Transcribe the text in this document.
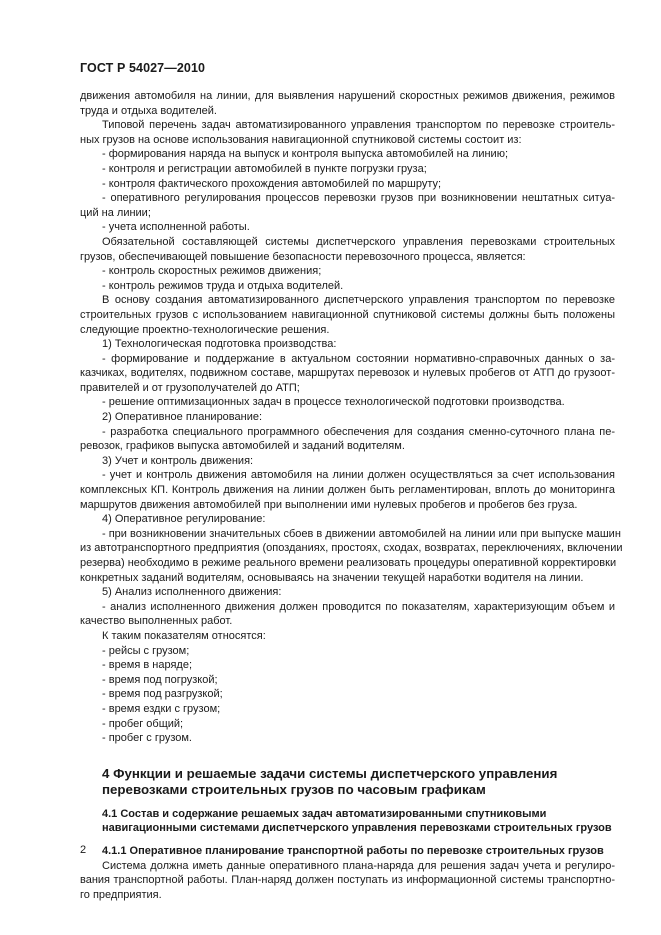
ГОСТ Р 54027—2010
движения автомобиля на линии, для выявления нарушений скоростных режимов движения, режимов
труда и отдыха водителей.
Типовой перечень задач автоматизированного управления транспортом по перевозке строитель-
ных грузов на основе использования навигационной спутниковой системы состоит из:
- формирования наряда на выпуск и контроля выпуска автомобилей на линию;
- контроля и регистрации автомобилей в пункте погрузки груза;
- контроля фактического прохождения автомобилей по маршруту;
- оперативного регулирования процессов перевозки грузов при возникновении нештатных ситуа-
ций на линии;
- учета исполненной работы.
Обязательной составляющей системы диспетчерского управления перевозками строительных
грузов, обеспечивающей повышение безопасности перевозочного процесса, является:
- контроль скоростных режимов движения;
- контроль режимов труда и отдыха водителей.
В основу создания автоматизированного диспетчерского управления транспортом по перевозке
строительных грузов с использованием навигационной спутниковой системы должны быть положены
следующие проектно-технологические решения.
1) Технологическая подготовка производства:
- формирование и поддержание в актуальном состоянии нормативно-справочных данных о за-
казчиках, водителях, подвижном составе, маршрутах перевозок и нулевых пробегов от АТП до грузоот-
правителей и от грузополучателей до АТП;
- решение оптимизационных задач в процессе технологической подготовки производства.
2) Оперативное планирование:
- разработка специального программного обеспечения для создания сменно-суточного плана пе-
ревозок, графиков выпуска автомобилей и заданий водителям.
3) Учет и контроль движения:
- учет и контроль движения автомобиля на линии должен осуществляться за счет использования
комплексных КП. Контроль движения на линии должен быть регламентирован, вплоть до мониторинга
маршрутов движения автомобилей при выполнении ими нулевых пробегов и пробегов без груза.
4) Оперативное регулирование:
- при возникновении значительных сбоев в движении автомобилей на линии или при выпуске машин
из автотранспортного предприятия (опозданиях, простоях, сходах, возвратах, переключениях, включении
резерва) необходимо в режиме реального времени реализовать процедуры оперативной корректировки
конкретных заданий водителям, основываясь на значении текущей наработки водителя на линии.
5) Анализ исполненного движения:
- анализ исполненного движения должен проводится по показателям, характеризующим объем и
качество выполненных работ.
К таким показателям относятся:
- рейсы с грузом;
- время в наряде;
- время под погрузкой;
- время под разгрузкой;
- время ездки с грузом;
- пробег общий;
- пробег с грузом.
4 Функции и решаемые задачи системы диспетчерского управления
перевозками строительных грузов по часовым графикам
4.1 Состав и содержание решаемых задач автоматизированными спутниковыми
навигационными системами диспетчерского управления перевозками строительных грузов
4.1.1 Оперативное планирование транспортной работы по перевозке строительных грузов
Система должна иметь данные оперативного плана-наряда для решения задач учета и регулиро-
вания транспортной работы. План-наряд должен поступать из информационной системы транспортно-
го предприятия.
2
